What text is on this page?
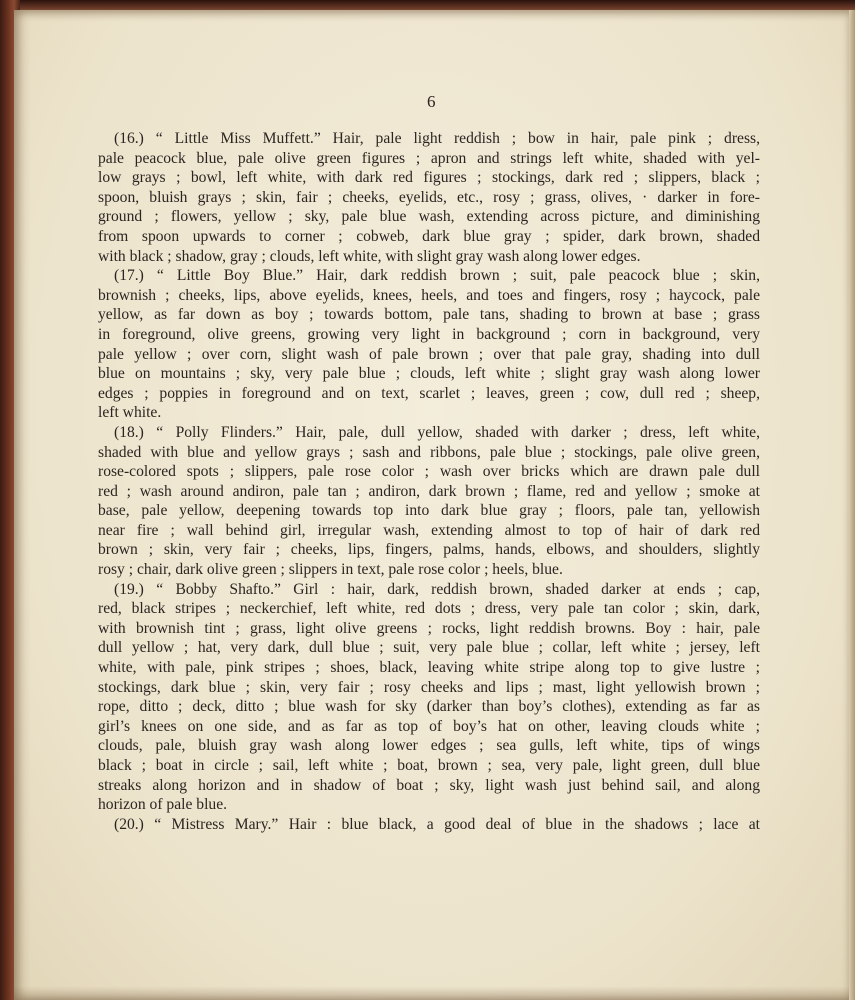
6
(16.) “ Little Miss Muffett.” Hair, pale light reddish ; bow in hair, pale pink ; dress,
pale peacock blue, pale olive green figures ; apron and strings left white, shaded with yel-
low grays ; bowl, left white, with dark red figures ; stockings, dark red ; slippers, black ;
spoon, bluish grays ; skin, fair ; cheeks, eyelids, etc., rosy ; grass, olives, · darker in fore-
ground ; flowers, yellow ; sky, pale blue wash, extending across picture, and diminishing
from spoon upwards to corner ; cobweb, dark blue gray ; spider, dark brown, shaded
with black ; shadow, gray ; clouds, left white, with slight gray wash along lower edges.
(17.) “ Little Boy Blue.” Hair, dark reddish brown ; suit, pale peacock blue ; skin,
brownish ; cheeks, lips, above eyelids, knees, heels, and toes and fingers, rosy ; haycock, pale
yellow, as far down as boy ; towards bottom, pale tans, shading to brown at base ; grass
in foreground, olive greens, growing very light in background ; corn in background, very
pale yellow ; over corn, slight wash of pale brown ; over that pale gray, shading into dull
blue on mountains ; sky, very pale blue ; clouds, left white ; slight gray wash along lower
edges ; poppies in foreground and on text, scarlet ; leaves, green ; cow, dull red ; sheep,
left white.
(18.) “ Polly Flinders.” Hair, pale, dull yellow, shaded with darker ; dress, left white,
shaded with blue and yellow grays ; sash and ribbons, pale blue ; stockings, pale olive green,
rose-colored spots ; slippers, pale rose color ; wash over bricks which are drawn pale dull
red ; wash around andiron, pale tan ; andiron, dark brown ; flame, red and yellow ; smoke at
base, pale yellow, deepening towards top into dark blue gray ; floors, pale tan, yellowish
near fire ; wall behind girl, irregular wash, extending almost to top of hair of dark red
brown ; skin, very fair ; cheeks, lips, fingers, palms, hands, elbows, and shoulders, slightly
rosy ; chair, dark olive green ; slippers in text, pale rose color ; heels, blue.
(19.) “ Bobby Shafto.” Girl : hair, dark, reddish brown, shaded darker at ends ; cap,
red, black stripes ; neckerchief, left white, red dots ; dress, very pale tan color ; skin, dark,
with brownish tint ; grass, light olive greens ; rocks, light reddish browns. Boy : hair, pale
dull yellow ; hat, very dark, dull blue ; suit, very pale blue ; collar, left white ; jersey, left
white, with pale, pink stripes ; shoes, black, leaving white stripe along top to give lustre ;
stockings, dark blue ; skin, very fair ; rosy cheeks and lips ; mast, light yellowish brown ;
rope, ditto ; deck, ditto ; blue wash for sky (darker than boy’s clothes), extending as far as
girl’s knees on one side, and as far as top of boy’s hat on other, leaving clouds white ;
clouds, pale, bluish gray wash along lower edges ; sea gulls, left white, tips of wings
black ; boat in circle ; sail, left white ; boat, brown ; sea, very pale, light green, dull blue
streaks along horizon and in shadow of boat ; sky, light wash just behind sail, and along
horizon of pale blue.
(20.) “ Mistress Mary.” Hair : blue black, a good deal of blue in the shadows ; lace at
